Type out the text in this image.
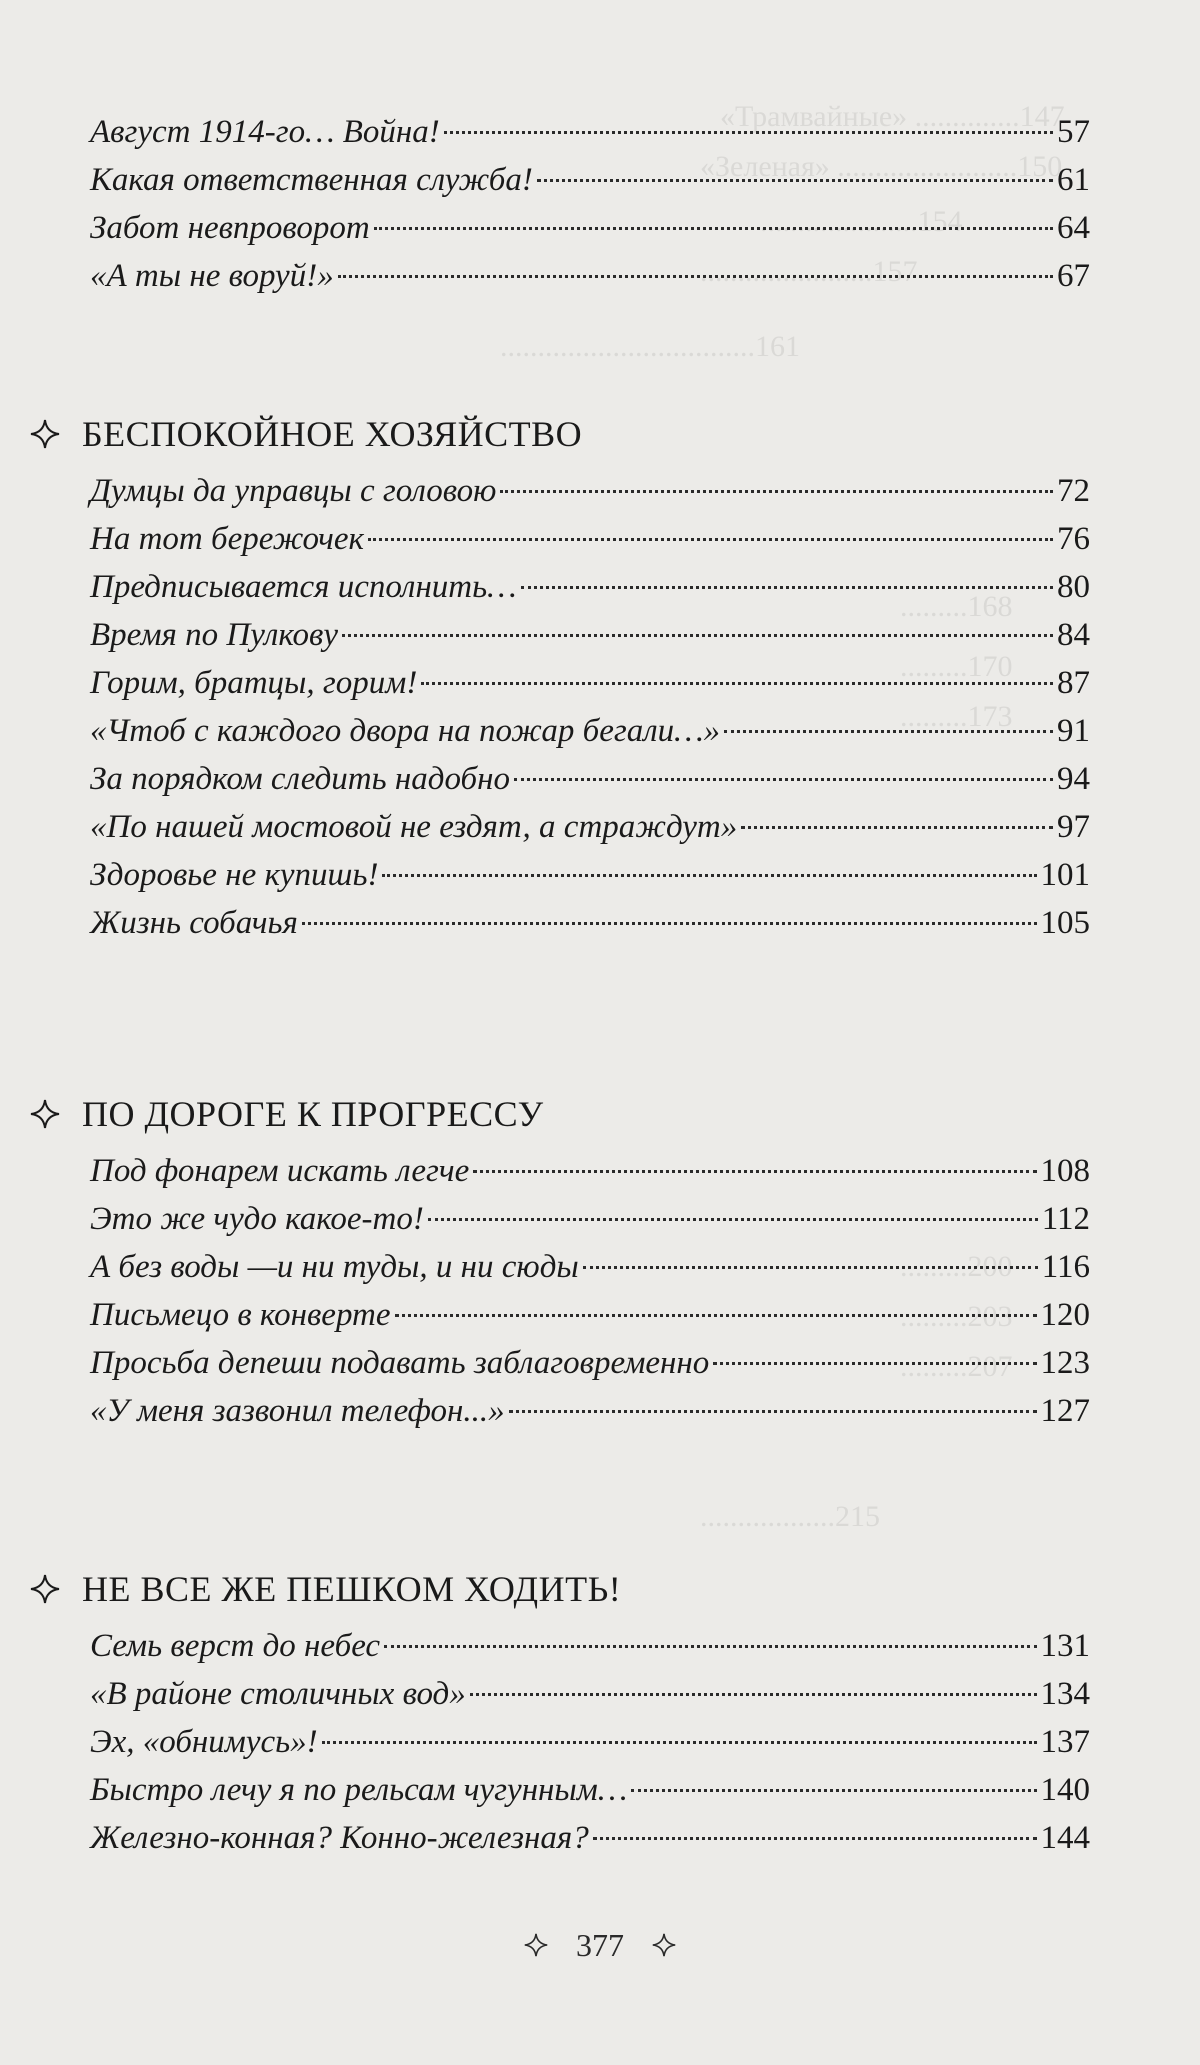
«Трамвайные» ..............147
«Зеленая» ........................150
.....................154
.......................157
..................................161
.........168
.........170
.........173
.........200
.........203
.........207
..................215
Август 1914-го… Война!	57
Какая ответственная служба!	61
Забот невпроворот	64
«А ты не воруй!»	67
БЕСПОКОЙНОЕ ХОЗЯЙСТВО
Думцы да управцы с головою	72
На тот бережочек	76
Предписывается исполнить…	80
Время по Пулкову	84
Горим, братцы, горим!	87
«Чтоб с каждого двора на пожар бегали…»	91
За порядком следить надобно	94
«По нашей мостовой не ездят, а страждут»	97
Здоровье не купишь!	101
Жизнь собачья	105
ПО ДОРОГЕ К ПРОГРЕССУ
Под фонарем искать легче	108
Это же чудо какое-то!	112
А без воды —и ни туды, и ни сюды	116
Письмецо в конверте	120
Просьба депеши подавать заблаговременно	123
«У меня зазвонил телефон...»	127
НЕ ВСЕ ЖЕ ПЕШКОМ ХОДИТЬ!
Семь верст до небес	131
«В районе столичных вод»	134
Эх, «обнимусь»!	137
Быстро лечу я по рельсам чугунным…	140
Железно-конная? Конно-железная?	144
377
